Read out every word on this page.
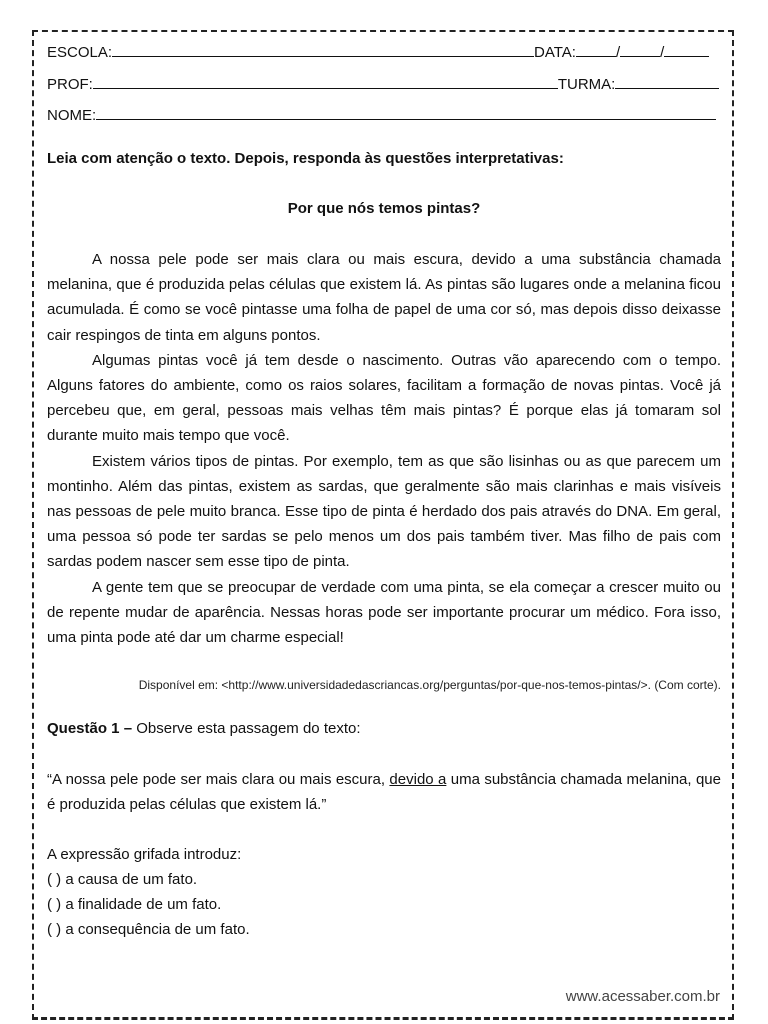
ESCOLA:	DATA:	/	/
PROF:	TURMA:
NOME:
Leia com atenção o texto. Depois, responda às questões interpretativas:
Por que nós temos pintas?

A nossa pele pode ser mais clara ou mais escura, devido a uma substância chamada melanina, que é produzida pelas células que existem lá. As pintas são lugares onde a melanina ficou acumulada. É como se você pintasse uma folha de papel de uma cor só, mas depois disso deixasse cair respingos de tinta em alguns pontos.

Algumas pintas você já tem desde o nascimento. Outras vão aparecendo com o tempo. Alguns fatores do ambiente, como os raios solares, facilitam a formação de novas pintas. Você já percebeu que, em geral, pessoas mais velhas têm mais pintas? É porque elas já tomaram sol durante muito mais tempo que você.

Existem vários tipos de pintas. Por exemplo, tem as que são lisinhas ou as que parecem um montinho. Além das pintas, existem as sardas, que geralmente são mais clarinhas e mais visíveis nas pessoas de pele muito branca. Esse tipo de pinta é herdado dos pais através do DNA. Em geral, uma pessoa só pode ter sardas se pelo menos um dos pais também tiver. Mas filho de pais com sardas podem nascer sem esse tipo de pinta.

A gente tem que se preocupar de verdade com uma pinta, se ela começar a crescer muito ou de repente mudar de aparência. Nessas horas pode ser importante procurar um médico. Fora isso, uma pinta pode até dar um charme especial!

Disponível em: <http://www.universidadedascriancas.org/perguntas/por-que-nos-temos-pintas/>. (Com corte).
Questão 1 – Observe esta passagem do texto:
“A nossa pele pode ser mais clara ou mais escura, devido a uma substância chamada melanina, que é produzida pelas células que existem lá.”
A expressão grifada introduz:
( ) a causa de um fato.
( ) a finalidade de um fato.
( ) a consequência de um fato.
www.acessaber.com.br
